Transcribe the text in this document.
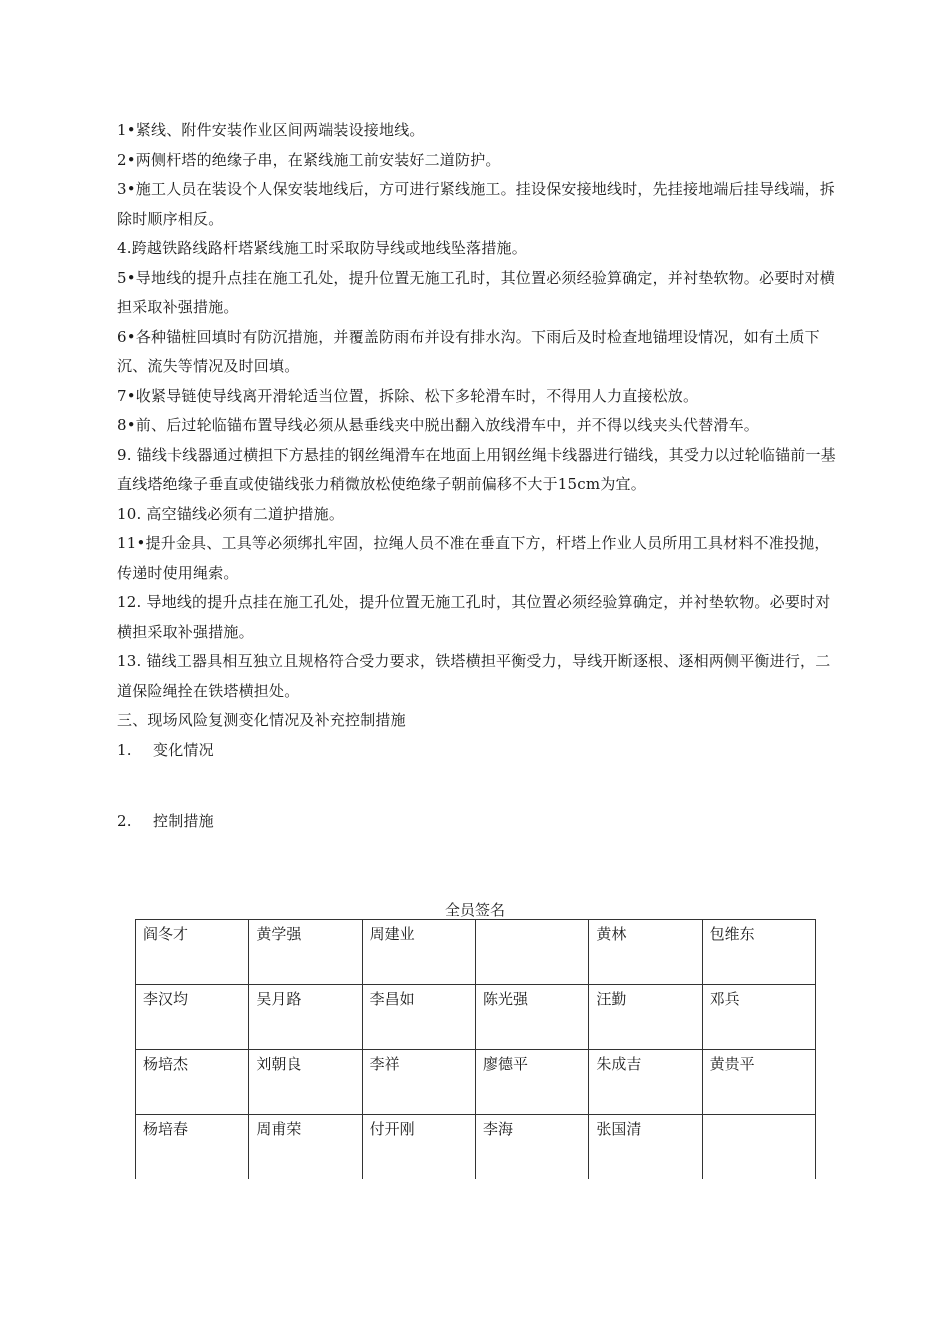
1•紧线、附件安装作业区间两端装设接地线。

2•两侧杆塔的绝缘子串，在紧线施工前安装好二道防护。

3•施工人员在装设个人保安装地线后，方可进行紧线施工。挂设保安接地线时，先挂接地端后挂导线端，拆除时顺序相反。

4.跨越铁路线路杆塔紧线施工时采取防导线或地线坠落措施。

5•导地线的提升点挂在施工孔处，提升位置无施工孔时，其位置必须经验算确定，并衬垫软物。必要时对横担采取补强措施。

6•各种锚桩回填时有防沉措施，并覆盖防雨布并设有排水沟。下雨后及时检查地锚埋设情况，如有土质下沉、流失等情况及时回填。

7•收紧导链使导线离开滑轮适当位置，拆除、松下多轮滑车时，不得用人力直接松放。

8•前、后过轮临锚布置导线必须从悬垂线夹中脱出翻入放线滑车中，并不得以线夹头代替滑车。

9. 锚线卡线器通过横担下方悬挂的钢丝绳滑车在地面上用钢丝绳卡线器进行锚线，其受力以过轮临锚前一基直线塔绝缘子垂直或使锚线张力稍微放松使绝缘子朝前偏移不大于15cm为宜。

10. 高空锚线必须有二道护措施。

11•提升金具、工具等必须绑扎牢固，拉绳人员不准在垂直下方，杆塔上作业人员所用工具材料不准投抛，传递时使用绳索。

12. 导地线的提升点挂在施工孔处，提升位置无施工孔时，其位置必须经验算确定，并衬垫软物。必要时对横担采取补强措施。

13. 锚线工器具相互独立且规格符合受力要求，铁塔横担平衡受力，导线开断逐根、逐相两侧平衡进行，二道保险绳拴在铁塔横担处。

三、现场风险复测变化情况及补充控制措施

1.	变化情况
2.	控制措施
全员签名
阎冬才	黄学强	周建业		黄林	包维东
李汉均	吴月路	李昌如	陈光强	汪勤	邓兵
杨培杰	刘朝良	李祥	廖德平	朱成吉	黄贵平
杨培春	周甫荣	付开刚	李海	张国清	
